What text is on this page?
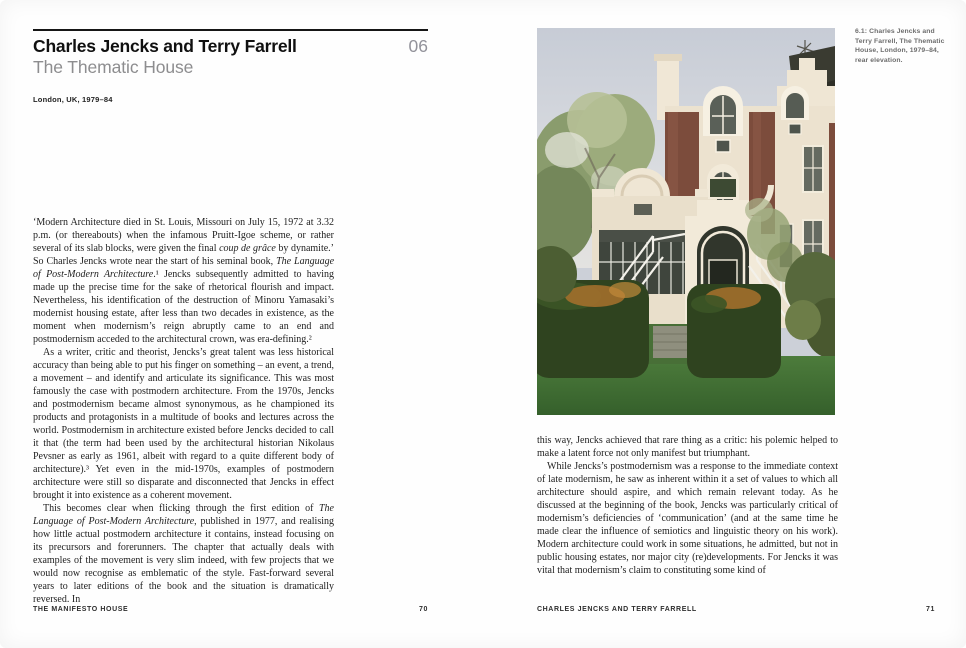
Charles Jencks and Terry Farrell	06
The Thematic House
London, UK, 1979–84

‘Modern Architecture died in St. Louis, Missouri on July 15, 1972 at 3.32 p.m. (or thereabouts) when the infamous Pruitt-Igoe scheme, or rather several of its slab blocks, were given the final coup de grâce by dynamite.’ So Charles Jencks wrote near the start of his seminal book, The Language of Post-Modern Architecture.¹ Jencks subsequently admitted to having made up the precise time for the sake of rhetorical flourish and impact. Nevertheless, his identification of the destruction of Minoru Yamasaki’s modernist housing estate, after less than two decades in existence, as the moment when modernism’s reign abruptly came to an end and postmodernism acceded to the architectural crown, was era-defining.²

As a writer, critic and theorist, Jencks’s great talent was less historical accuracy than being able to put his finger on something – an event, a trend, a movement – and identify and articulate its significance. This was most famously the case with postmodern architecture. From the 1970s, Jencks and postmodernism became almost synonymous, as he championed its products and protagonists in a multitude of books and lectures across the world. Postmodernism in architecture existed before Jencks decided to call it that (the term had been used by the architectural historian Nikolaus Pevsner as early as 1961, albeit with regard to a quite different body of architecture).³ Yet even in the mid-1970s, examples of postmodern architecture were still so disparate and disconnected that Jencks in effect brought it into existence as a coherent movement.

This becomes clear when flicking through the first edition of The Language of Post-Modern Architecture, published in 1977, and realising how little actual postmodern architecture it contains, instead focusing on its precursors and forerunners. The chapter that actually deals with examples of the movement is very slim indeed, with few projects that we would now recognise as emblematic of the style. Fast-forward several years to later editions of the book and the situation is dramatically reversed. In

THE MANIFESTO HOUSE	70
6.1: Charles Jencks and Terry Farrell, The Thematic House, London, 1979–84, rear elevation.

this way, Jencks achieved that rare thing as a critic: his polemic helped to make a latent force not only manifest but triumphant.

While Jencks’s postmodernism was a response to the immediate context of late modernism, he saw as inherent within it a set of values to which all architecture should aspire, and which remain relevant today. As he discussed at the beginning of the book, Jencks was particularly critical of modernism’s deficiencies of ‘communication’ (and at the same time he made clear the influence of semiotics and linguistic theory on his work). Modern architecture could work in some situations, he admitted, but not in public housing estates, nor major city (re)developments. For Jencks it was vital that modernism’s claim to constituting some kind of

CHARLES JENCKS AND TERRY FARRELL	71
